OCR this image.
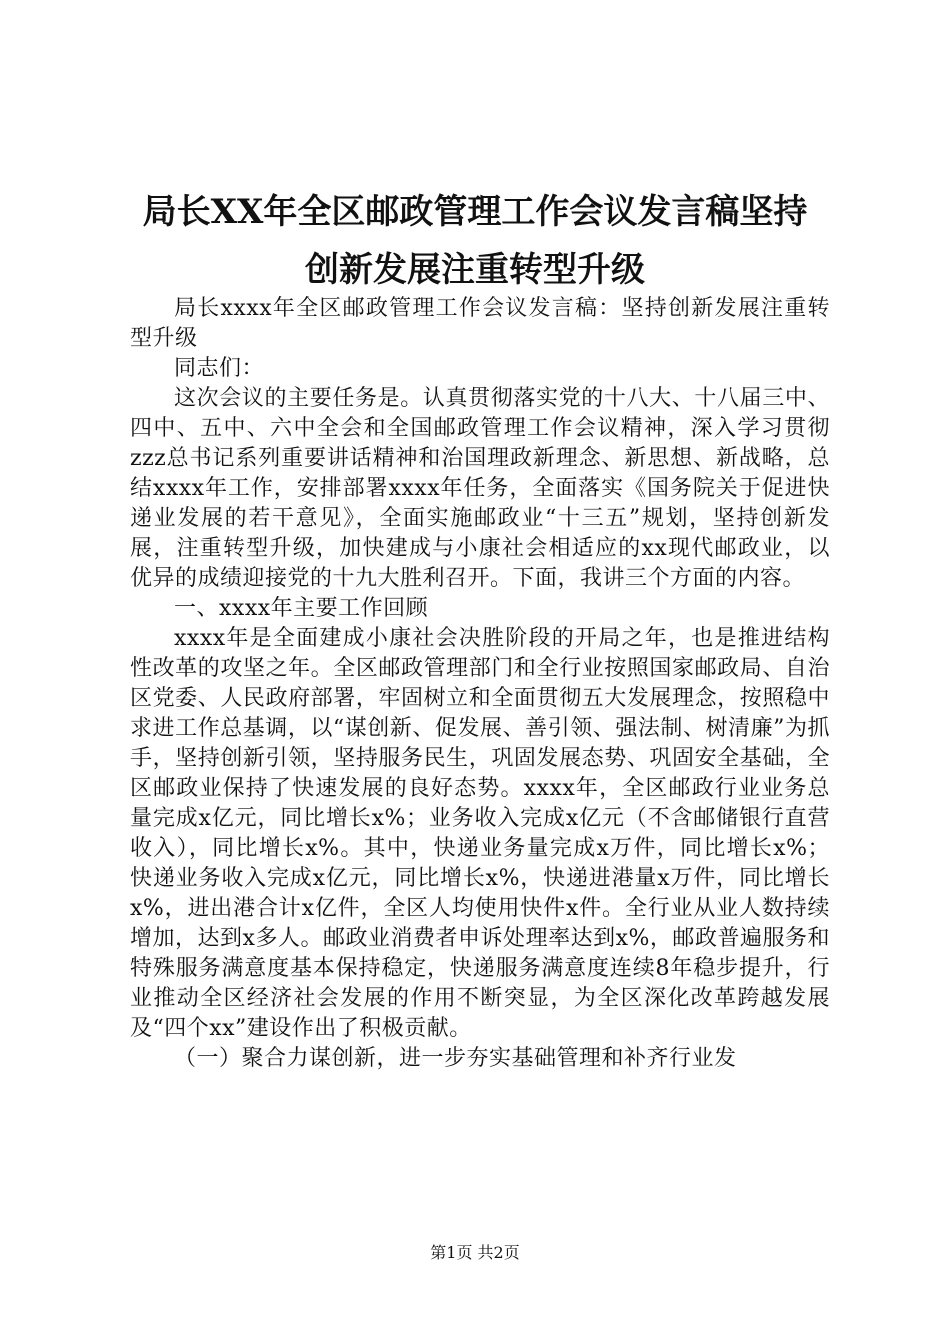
局长XX年全区邮政管理工作会议发言稿坚持
创新发展注重转型升级

局长xxxx年全区邮政管理工作会议发言稿：坚持创新发展注重转型升级

同志们：

这次会议的主要任务是。认真贯彻落实党的十八大、十八届三中、四中、五中、六中全会和全国邮政管理工作会议精神，深入学习贯彻zzz总书记系列重要讲话精神和治国理政新理念、新思想、新战略，总结xxxx年工作，安排部署xxxx年任务，全面落实《国务院关于促进快递业发展的若干意见》，全面实施邮政业“十三五”规划，坚持创新发展，注重转型升级，加快建成与小康社会相适应的xx现代邮政业，以优异的成绩迎接党的十九大胜利召开。下面，我讲三个方面的内容。

一、xxxx年主要工作回顾

xxxx年是全面建成小康社会决胜阶段的开局之年，也是推进结构性改革的攻坚之年。全区邮政管理部门和全行业按照国家邮政局、自治区党委、人民政府部署，牢固树立和全面贯彻五大发展理念，按照稳中求进工作总基调，以“谋创新、促发展、善引领、强法制、树清廉”为抓手，坚持创新引领，坚持服务民生，巩固发展态势、巩固安全基础，全区邮政业保持了快速发展的良好态势。xxxx年，全区邮政行业业务总量完成x亿元，同比增长x%；业务收入完成x亿元（不含邮储银行直营收入），同比增长x%。其中，快递业务量完成x万件，同比增长x%；快递业务收入完成x亿元，同比增长x%，快递进港量x万件，同比增长x%，进出港合计x亿件，全区人均使用快件x件。全行业从业人数持续增加，达到x多人。邮政业消费者申诉处理率达到x%，邮政普遍服务和特殊服务满意度基本保持稳定，快递服务满意度连续8年稳步提升，行业推动全区经济社会发展的作用不断突显，为全区深化改革跨越发展及“四个xx”建设作出了积极贡献。

（一）聚合力谋创新，进一步夯实基础管理和补齐行业发

第1页 共2页
